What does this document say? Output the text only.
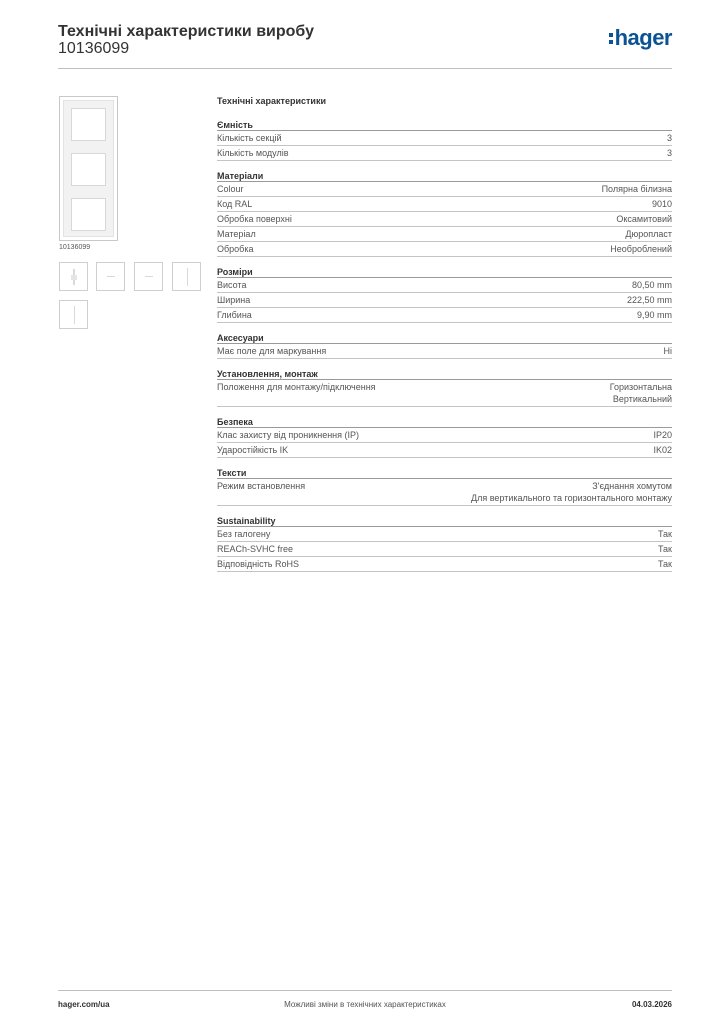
Технічні характеристики виробу
10136099	hager
10136099
Технічні характеристики
Ємність
Кількість секцій	3
Кількість модулів	3
Матеріали
Colour	Полярна білизна
Код RAL	9010
Обробка поверхні	Оксамитовий
Матеріал	Дюропласт
Обробка	Необроблений
Розміри
Висота	80,50 mm
Ширина	222,50 mm
Глибина	9,90 mm
Аксесуари
Має поле для маркування	Ні
Установлення, монтаж
Положення для монтажу/підключення	Горизонтальна
Вертикальний
Безпека
Клас захисту від проникнення (IP)	IP20
Ударостійкість IK	IK02
Тексти
Режим встановлення	З'єднання хомутом
Для вертикального та горизонтального монтажу
Sustainability
Без галогену	Так
REACh-SVHC free	Так
Відповідність RoHS	Так
hager.com/ua	Можливі зміни в технічних характеристиках	04.03.2026
